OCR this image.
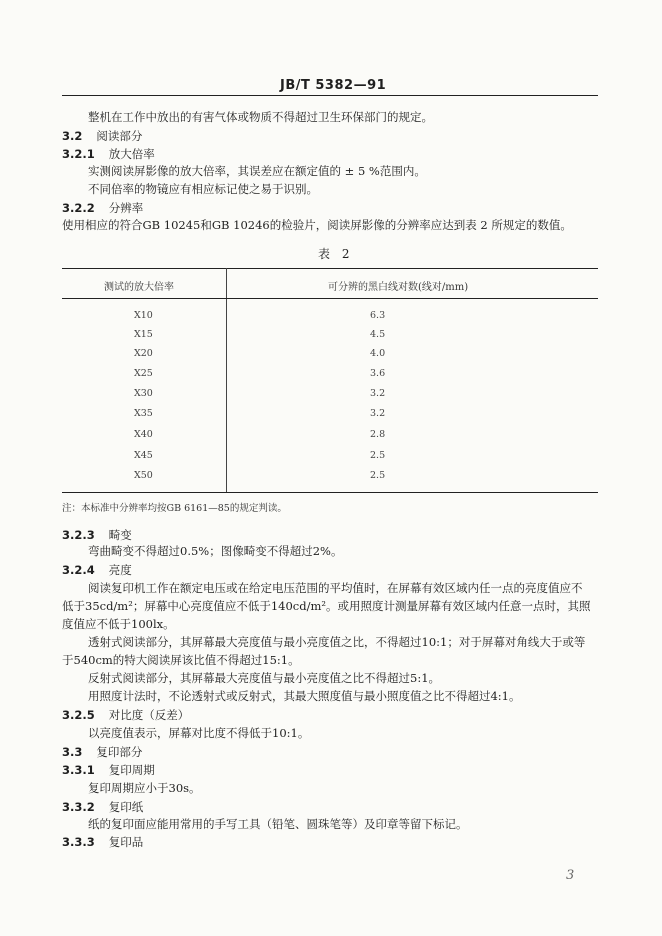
JB/T 5382—91
整机在工作中放出的有害气体或物质不得超过卫生环保部门的规定。
3.2 阅读部分
3.2.1 放大倍率
实测阅读屏影像的放大倍率，其误差应在额定值的 ± 5 %范围内。
不同倍率的物镜应有相应标记使之易于识别。
3.2.2 分辨率
使用相应的符合GB 10245和GB 10246的检验片，阅读屏影像的分辨率应达到表 2 所规定的数值。
表 2
测试的放大倍率	可分辨的黑白线对数(线对/mm)
X10	6.3
X15	4.5
X20	4.0
X25	3.6
X30	3.2
X35	3.2
X40	2.8
X45	2.5
X50	2.5
注：本标准中分辨率均按GB 6161—85的规定判读。
3.2.3 畸变
弯曲畸变不得超过0.5%；图像畸变不得超过2%。
3.2.4 亮度
阅读复印机工作在额定电压或在给定电压范围的平均值时，在屏幕有效区域内任一点的亮度值应不
低于35cd/m²；屏幕中心亮度值应不低于140cd/m²。或用照度计测量屏幕有效区域内任意一点时，其照
度值应不低于100lx。
透射式阅读部分，其屏幕最大亮度值与最小亮度值之比，不得超过10:1；对于屏幕对角线大于或等
于540cm的特大阅读屏该比值不得超过15:1。
反射式阅读部分，其屏幕最大亮度值与最小亮度值之比不得超过5:1。
用照度计法时，不论透射式或反射式，其最大照度值与最小照度值之比不得超过4:1。
3.2.5 对比度（反差）
以亮度值表示，屏幕对比度不得低于10:1。
3.3 复印部分
3.3.1 复印周期
复印周期应小于30s。
3.3.2 复印纸
纸的复印面应能用常用的手写工具（铅笔、圆珠笔等）及印章等留下标记。
3.3.3 复印品
3
